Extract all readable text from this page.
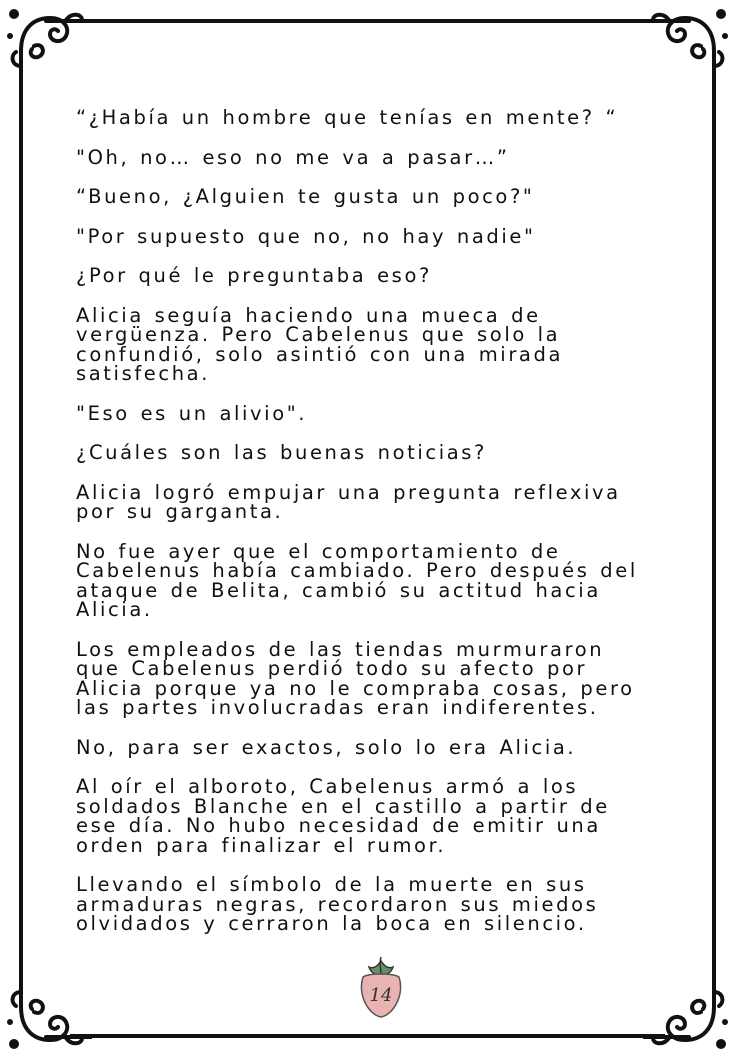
“¿Había un hombre que tenías en mente? “

"Oh, no… eso no me va a pasar…”

“Bueno, ¿Alguien te gusta un poco?"

"Por supuesto que no, no hay nadie"

¿Por qué le preguntaba eso?

Alicia seguía haciendo una mueca de
vergüenza. Pero Cabelenus que solo la
confundió, solo asintió con una mirada
satisfecha.

"Eso es un alivio".

¿Cuáles son las buenas noticias?

Alicia logró empujar una pregunta reflexiva
por su garganta.

No fue ayer que el comportamiento de
Cabelenus había cambiado. Pero después del
ataque de Belita, cambió su actitud hacia
Alicia.

Los empleados de las tiendas murmuraron
que Cabelenus perdió todo su afecto por
Alicia porque ya no le compraba cosas, pero
las partes involucradas eran indiferentes.

No, para ser exactos, solo lo era Alicia.

Al oír el alboroto, Cabelenus armó a los
soldados Blanche en el castillo a partir de
ese día. No hubo necesidad de emitir una
orden para finalizar el rumor.

Llevando el símbolo de la muerte en sus
armaduras negras, recordaron sus miedos
olvidados y cerraron la boca en silencio.

14
